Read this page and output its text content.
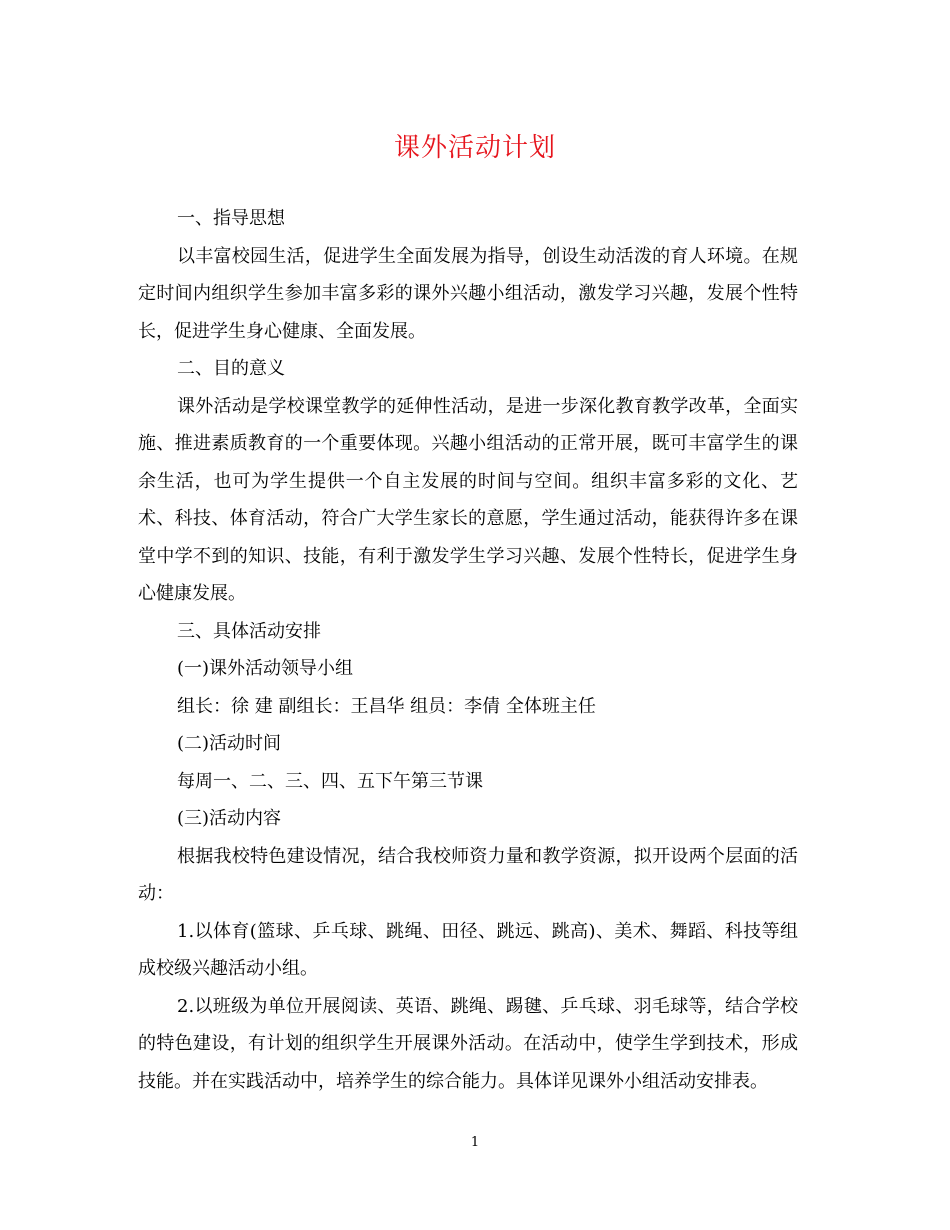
课外活动计划

一、指导思想

以丰富校园生活，促进学生全面发展为指导，创设生动活泼的育人环境。在规定时间内组织学生参加丰富多彩的课外兴趣小组活动，激发学习兴趣，发展个性特长，促进学生身心健康、全面发展。

二、目的意义

课外活动是学校课堂教学的延伸性活动，是进一步深化教育教学改革，全面实施、推进素质教育的一个重要体现。兴趣小组活动的正常开展，既可丰富学生的课余生活，也可为学生提供一个自主发展的时间与空间。组织丰富多彩的文化、艺术、科技、体育活动，符合广大学生家长的意愿，学生通过活动，能获得许多在课堂中学不到的知识、技能，有利于激发学生学习兴趣、发展个性特长，促进学生身心健康发展。

三、具体活动安排

(一)课外活动领导小组

组长：徐 建 副组长：王昌华 组员：李倩 全体班主任

(二)活动时间

每周一、二、三、四、五下午第三节课

(三)活动内容

根据我校特色建设情况，结合我校师资力量和教学资源，拟开设两个层面的活动：

1.以体育(篮球、乒乓球、跳绳、田径、跳远、跳高)、美术、舞蹈、科技等组成校级兴趣活动小组。

2.以班级为单位开展阅读、英语、跳绳、踢毽、乒乓球、羽毛球等，结合学校的特色建设，有计划的组织学生开展课外活动。在活动中，使学生学到技术，形成技能。并在实践活动中，培养学生的综合能力。具体详见课外小组活动安排表。

1
